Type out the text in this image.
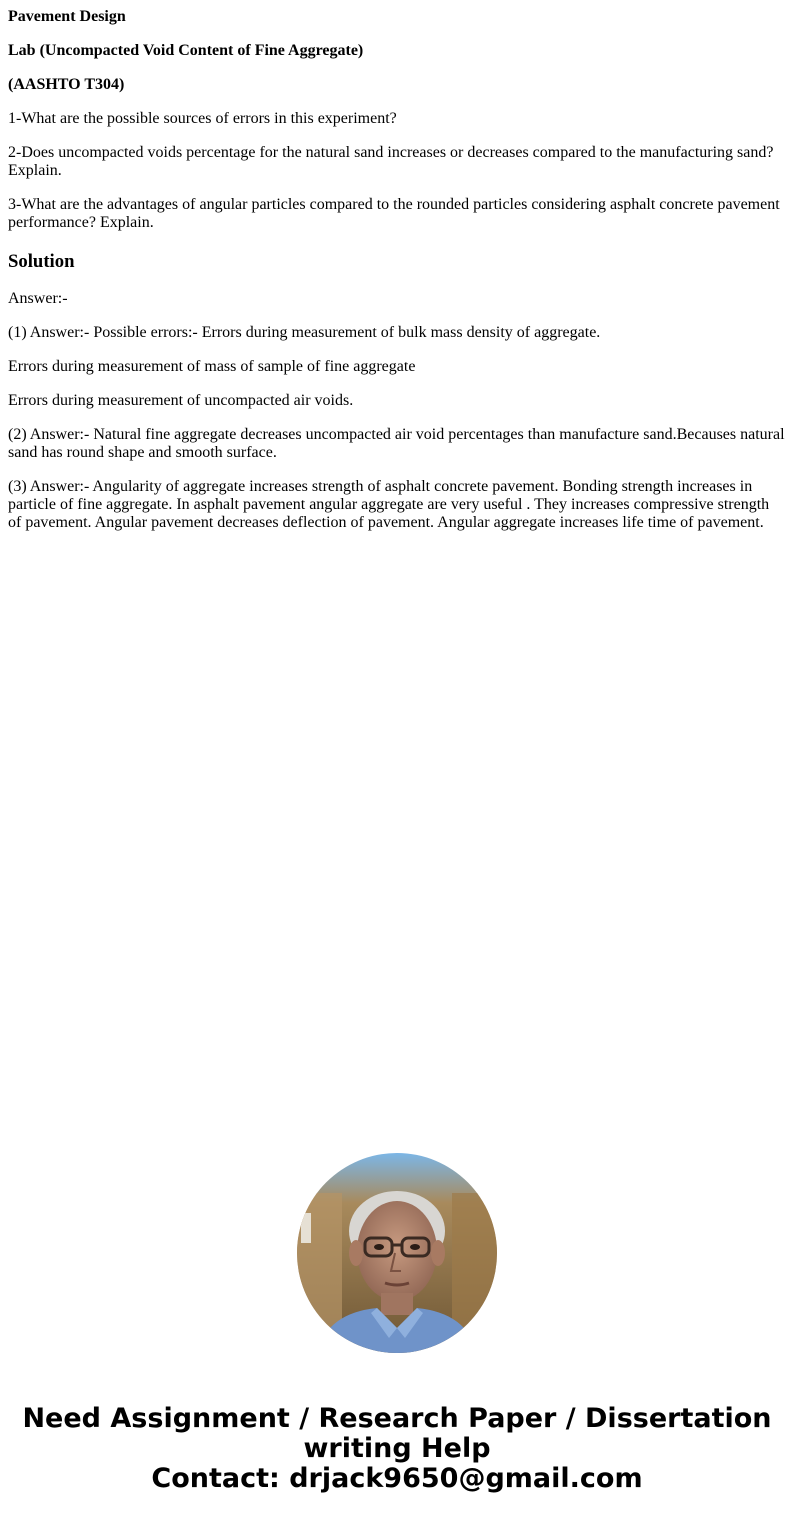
Pavement Design

Lab (Uncompacted Void Content of Fine Aggregate)

(AASHTO T304)

1-What are the possible sources of errors in this experiment?

2-Does uncompacted voids percentage for the natural sand increases or decreases compared to the manufacturing sand? Explain.

3-What are the advantages of angular particles compared to the rounded particles considering asphalt concrete pavement performance? Explain.

Solution

Answer:-

(1) Answer:- Possible errors:- Errors during measurement of bulk mass density of aggregate.

Errors during measurement of mass of sample of fine aggregate

Errors during measurement of uncompacted air voids.

(2) Answer:- Natural fine aggregate decreases uncompacted air void percentages than manufacture sand.Becauses natural sand has round shape and smooth surface.

(3) Answer:- Angularity of aggregate increases strength of asphalt concrete pavement. Bonding strength increases in particle of fine aggregate. In asphalt pavement angular aggregate are very useful . They increases compressive strength of pavement. Angular pavement decreases deflection of pavement. Angular aggregate increases life time of pavement.

Need Assignment / Research Paper / Dissertation
writing Help
Contact: drjack9650@gmail.com
